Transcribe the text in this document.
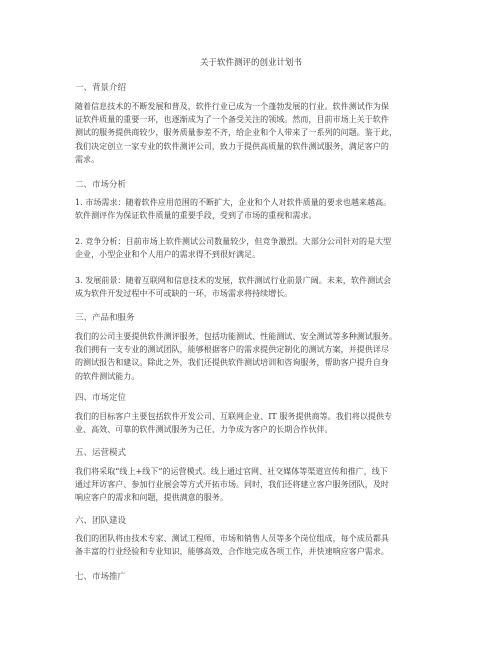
关于软件测评的创业计划书
一、背景介绍

随着信息技术的不断发展和普及，软件行业已成为一个蓬勃发展的行业。软件测试作为保
证软件质量的重要一环，也逐渐成为了一个备受关注的领域。然而，目前市场上关于软件
测试的服务提供商较少，服务质量参差不齐，给企业和个人带来了一系列的问题。鉴于此，
我们决定创立一家专业的软件测评公司，致力于提供高质量的软件测试服务，满足客户的
需求。

二、市场分析

1. 市场需求：随着软件应用范围的不断扩大，企业和个人对软件质量的要求也越来越高。
软件测评作为保证软件质量的重要手段，受到了市场的重视和需求。

2. 竞争分析：目前市场上软件测试公司数量较少，但竞争激烈。大部分公司针对的是大型
企业，小型企业和个人用户的需求得不到很好满足。

3. 发展前景：随着互联网和信息技术的发展，软件测试行业前景广阔。未来，软件测试会
成为软件开发过程中不可或缺的一环，市场需求将持续增长。

三、产品和服务

我们的公司主要提供软件测评服务，包括功能测试、性能测试、安全测试等多种测试服务。
我们拥有一支专业的测试团队，能够根据客户的需求提供定制化的测试方案，并提供详尽
的测试报告和建议。除此之外，我们还提供软件测试培训和咨询服务，帮助客户提升自身
的软件测试能力。

四、市场定位

我们的目标客户主要包括软件开发公司、互联网企业、IT 服务提供商等。我们将以提供专
业、高效、可靠的软件测试服务为己任，力争成为客户的长期合作伙伴。

五、运营模式

我们将采取“线上+线下”的运营模式。线上通过官网、社交媒体等渠道宣传和推广，线下
通过拜访客户、参加行业展会等方式开拓市场。同时，我们还将建立客户服务团队，及时
响应客户的需求和问题，提供满意的服务。

六、团队建设

我们的团队将由技术专家、测试工程师、市场和销售人员等多个岗位组成，每个成员都具
备丰富的行业经验和专业知识，能够高效、合作地完成各项工作，并快速响应客户需求。

七、市场推广
